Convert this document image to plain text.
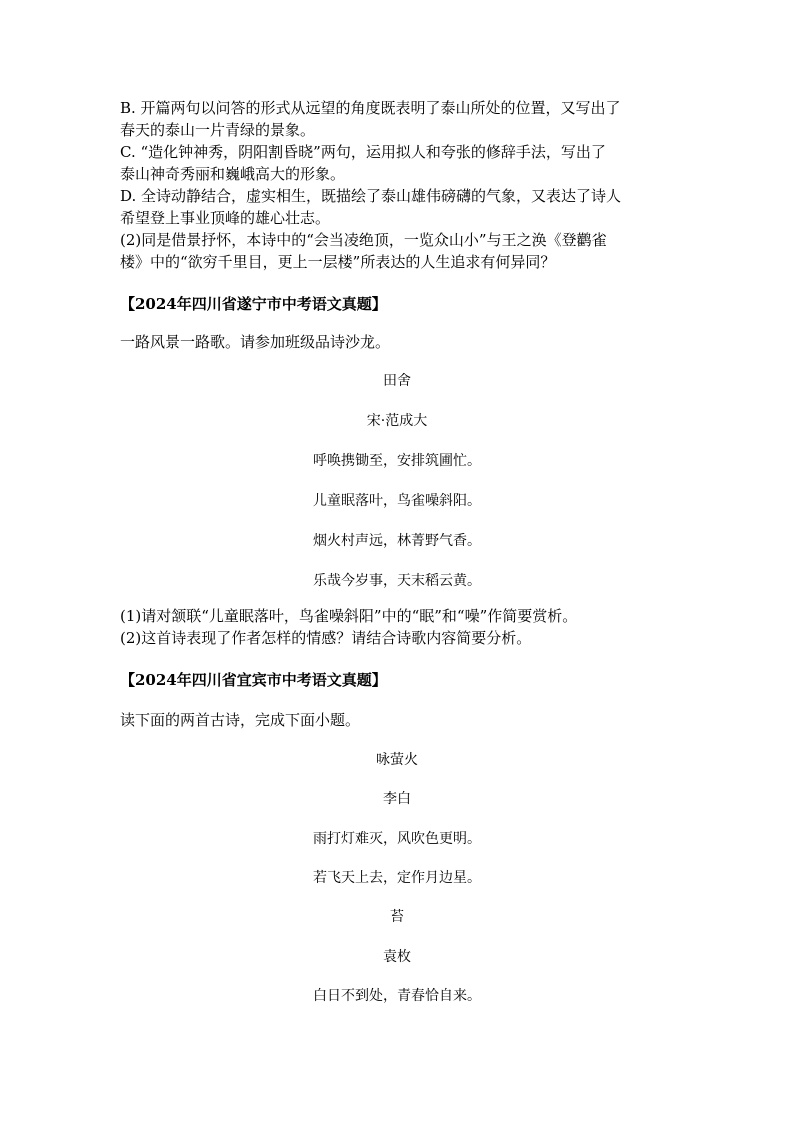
B. 开篇两句以问答的形式从远望的角度既表明了泰山所处的位置，又写出了
春天的泰山一片青绿的景象。
C. “造化钟神秀，阴阳割昏晓”两句，运用拟人和夸张的修辞手法，写出了
泰山神奇秀丽和巍峨高大的形象。
D. 全诗动静结合，虚实相生，既描绘了泰山雄伟磅礴的气象，又表达了诗人
希望登上事业顶峰的雄心壮志。
(2)同是借景抒怀，本诗中的“会当凌绝顶，一览众山小”与王之涣《登鹳雀
楼》中的“欲穷千里目，更上一层楼”所表达的人生追求有何异同？
【2024年四川省遂宁市中考语文真题】
一路风景一路歌。请参加班级品诗沙龙。
田舍
宋·范成大
呼唤携锄至，安排筑圃忙。
儿童眠落叶，鸟雀噪斜阳。
烟火村声远，林菁野气香。
乐哉今岁事，天末稻云黄。
(1)请对颔联“儿童眠落叶，鸟雀噪斜阳”中的“眠”和“噪”作简要赏析。
(2)这首诗表现了作者怎样的情感？请结合诗歌内容简要分析。
【2024年四川省宜宾市中考语文真题】
读下面的两首古诗，完成下面小题。
咏萤火
李白
雨打灯难灭，风吹色更明。
若飞天上去，定作月边星。
苔
袁枚
白日不到处，青春恰自来。
